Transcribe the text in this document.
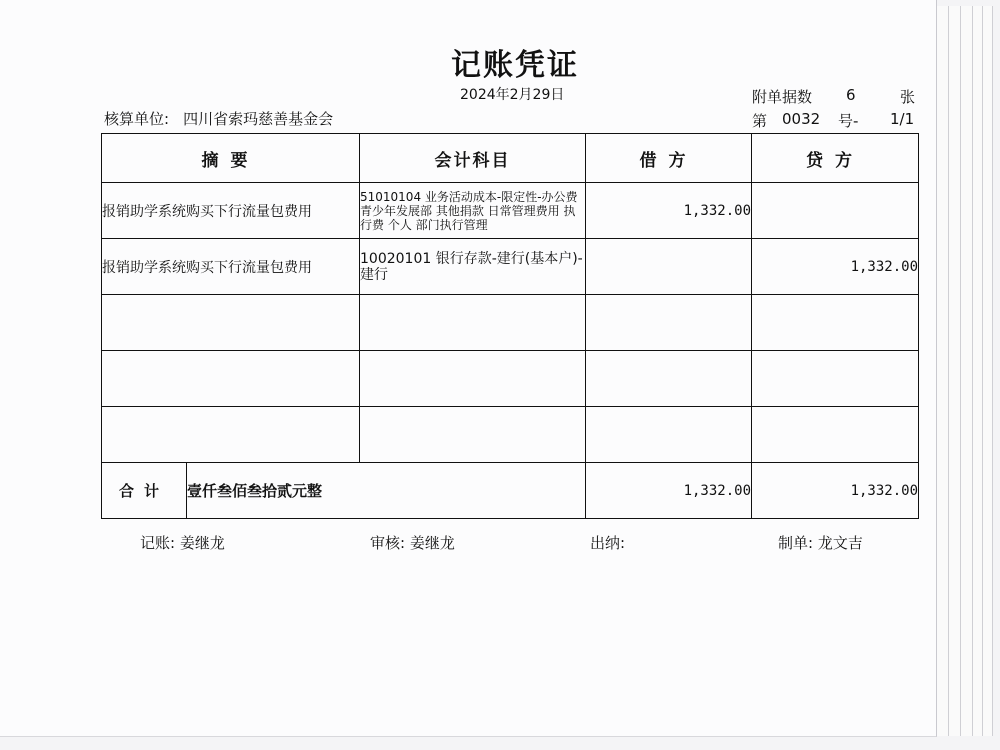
记账凭证
2024年2月29日
核算单位: 四川省索玛慈善基金会
附单据数 6	张
第 0032 号- 1/1
摘要		会计科目	借方	贷方
报销助学系统购买下行流量包费用		51010104 业务活动成本-限定性-办公费 青少年发展部 其他捐款 日常管理费用 执行费 个人 部门执行管理	1,332.00	
报销助学系统购买下行流量包费用		10020101 银行存款-建行(基本户)-建行		1,332.00

合计	壹仟叁佰叁拾贰元整		1,332.00	1,332.00
记账: 姜继龙	审核: 姜继龙	出纳:	制单: 龙文吉
